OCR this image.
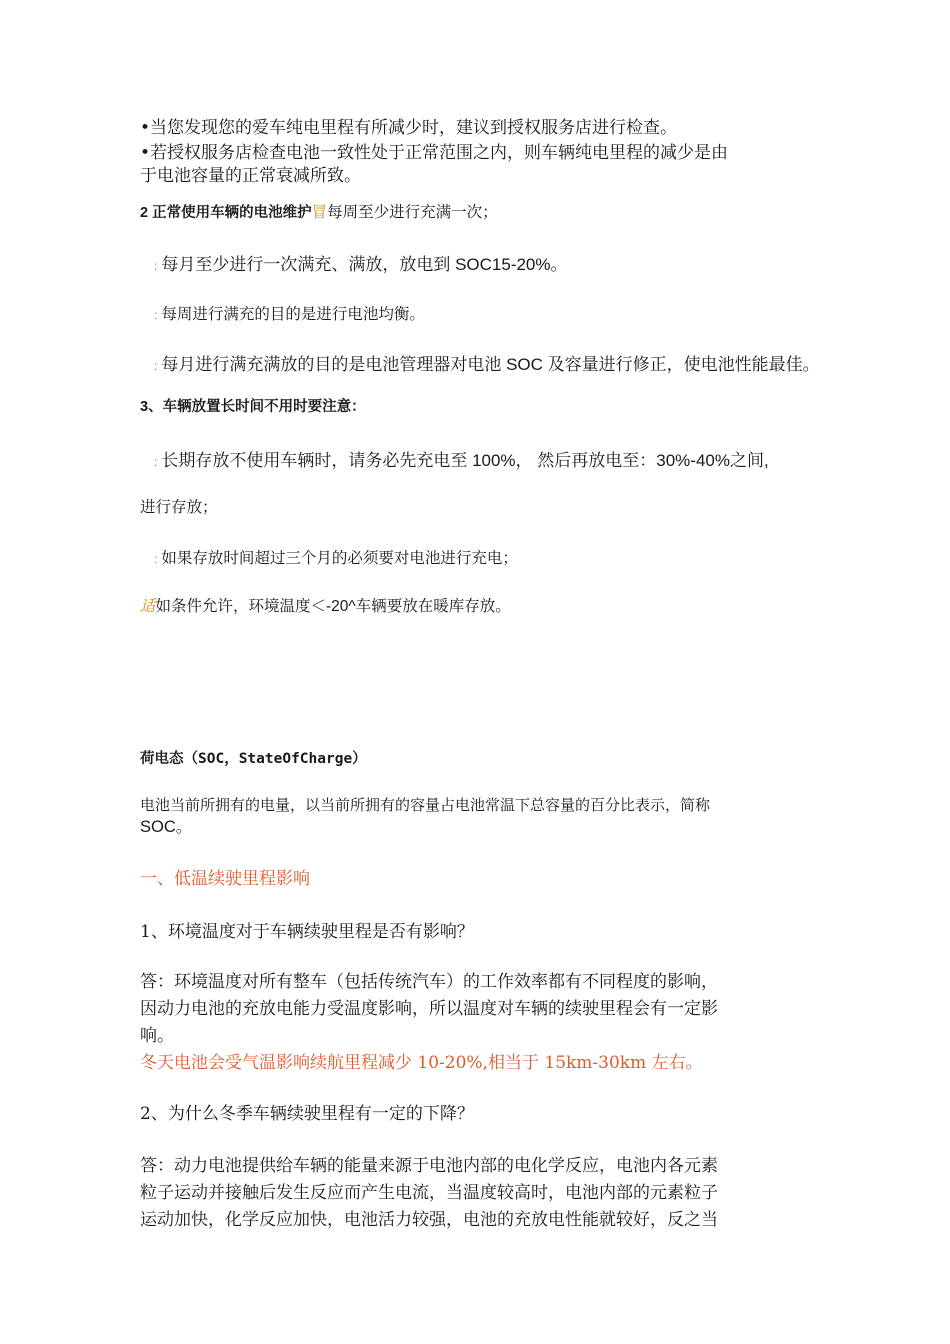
•当您发现您的爱车纯电里程有所减少时，建议到授权服务店进行检查。
•若授权服务店检查电池一致性处于正常范围之内，则车辆纯电里程的减少是由
于电池容量的正常衰减所致。
2 正常使用车辆的电池维护冒每周至少进行充满一次；
: 每月至少进行一次满充、满放，放电到 SOC15-20%。
: 每周进行满充的目的是进行电池均衡。
: 每月进行满充满放的目的是电池管理器对电池 SOC 及容量进行修正，使电池性能最佳。
3、车辆放置长时间不用时要注意：
: 长期存放不使用车辆时，请务必先充电至 100%， 然后再放电至：30%-40%之间,
进行存放；
: 如果存放时间超过三个月的必须要对电池进行充电；
适如条件允许，环境温度＜-20^车辆要放在暖库存放。
荷电态（SOC，StateOfCharge）
电池当前所拥有的电量，以当前所拥有的容量占电池常温下总容量的百分比表示，简称
SOC。
一、低温续驶里程影响
1、环境温度对于车辆续驶里程是否有影响？
答：环境温度对所有整车（包括传统汽车）的工作效率都有不同程度的影响，
因动力电池的充放电能力受温度影响，所以温度对车辆的续驶里程会有一定影
响。
冬天电池会受气温影响续航里程减少 10-20%,相当于 15km-30km 左右。
2、为什么冬季车辆续驶里程有一定的下降？
答：动力电池提供给车辆的能量来源于电池内部的电化学反应，电池内各元素
粒子运动并接触后发生反应而产生电流，当温度较高时，电池内部的元素粒子
运动加快，化学反应加快，电池活力较强，电池的充放电性能就较好，反之当
